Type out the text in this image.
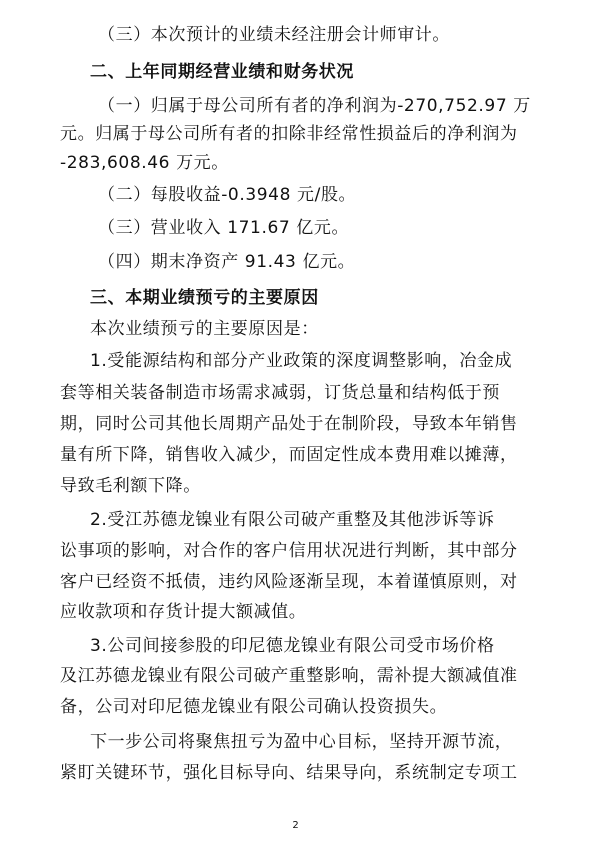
（三）本次预计的业绩未经注册会计师审计。

二、上年同期经营业绩和财务状况

（一）归属于母公司所有者的净利润为-270,752.97 万

元。归属于母公司所有者的扣除非经常性损益后的净利润为

-283,608.46 万元。

（二）每股收益-0.3948 元/股。

（三）营业收入 171.67 亿元。

（四）期末净资产 91.43 亿元。

三、本期业绩预亏的主要原因

本次业绩预亏的主要原因是：

1.受能源结构和部分产业政策的深度调整影响，冶金成

套等相关装备制造市场需求减弱，订货总量和结构低于预

期，同时公司其他长周期产品处于在制阶段，导致本年销售

量有所下降，销售收入减少，而固定性成本费用难以摊薄，

导致毛利额下降。

2.受江苏德龙镍业有限公司破产重整及其他涉诉等诉

讼事项的影响，对合作的客户信用状况进行判断，其中部分

客户已经资不抵债，违约风险逐渐呈现，本着谨慎原则，对

应收款项和存货计提大额减值。

3.公司间接参股的印尼德龙镍业有限公司受市场价格

及江苏德龙镍业有限公司破产重整影响，需补提大额减值准

备，公司对印尼德龙镍业有限公司确认投资损失。

下一步公司将聚焦扭亏为盈中心目标，坚持开源节流，

紧盯关键环节，强化目标导向、结果导向，系统制定专项工

2
